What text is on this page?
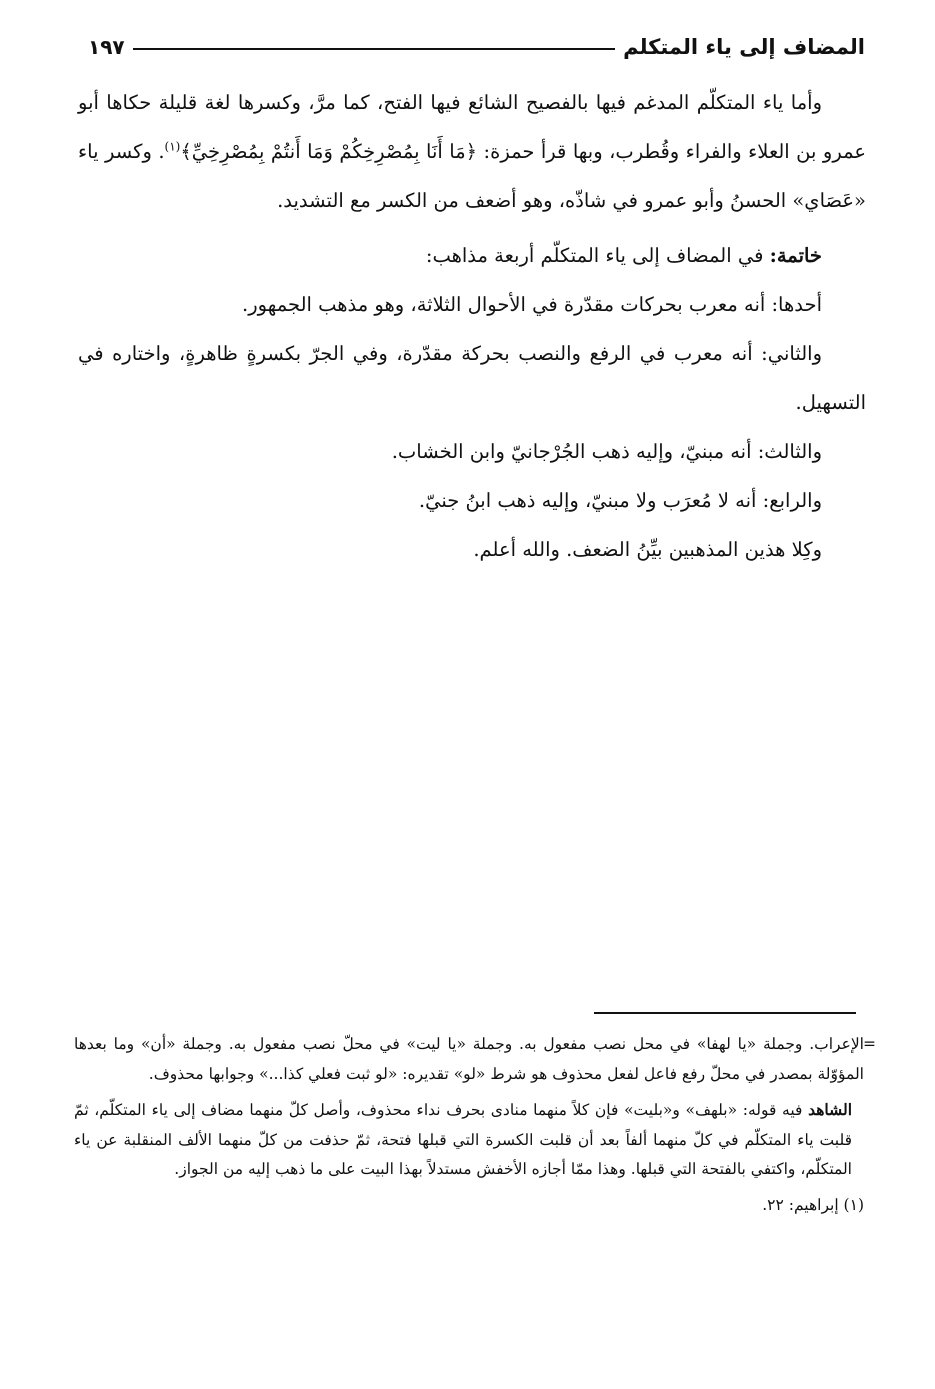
المضاف إلى ياء المتكلم
١٩٧

وأما ياء المتكلّم المدغم فيها بالفصيح الشائع فيها الفتح، كما مرَّ، وكسرها لغة قليلة حكاها أبو عمرو بن العلاء والفراء وقُطرب، وبها قرأ حمزة: ﴿مَا أَنَا بِمُصْرِخِكُمْ وَمَا أَنتُمْ بِمُصْرِخِيِّ﴾$^{(١)}$. وكسر ياء «عَصَاي» الحسنُ وأبو عمرو في شاذّه، وهو أضعف من الكسر مع التشديد.

خاتمة: في المضاف إلى ياء المتكلّم أربعة مذاهب:

أحدها: أنه معرب بحركات مقدّرة في الأحوال الثلاثة، وهو مذهب الجمهور.

والثاني: أنه معرب في الرفع والنصب بحركة مقدّرة، وفي الجرّ بكسرةٍ ظاهرةٍ، واختاره في التسهيل.

والثالث: أنه مبنيّ، وإليه ذهب الجُرْجانيّ وابن الخشاب.

والرابع: أنه لا مُعرَب ولا مبنيّ، وإليه ذهب ابنُ جنيّ.

وكِلا هذين المذهبين بيِّنُ الضعف. والله أعلم.

=
الإعراب. وجملة «يا لهفا» في محل نصب مفعول به. وجملة «يا ليت» في محلّ نصب مفعول به. وجملة «أن» وما بعدها المؤوّلة بمصدر في محلّ رفع فاعل لفعل محذوف هو شرط «لو» تقديره: «لو ثبت فعلي كذا...» وجوابها محذوف.
الشاهد فيه قوله: «بلهف» و«بليت» فإن كلاً منهما منادى بحرف نداء محذوف، وأصل كلّ منهما مضاف إلى ياء المتكلّم، ثمّ قلبت ياء المتكلّم في كلّ منهما ألفاً بعد أن قلبت الكسرة التي قبلها فتحة، ثمّ حذفت من كلّ منهما الألف المنقلبة عن ياء المتكلّم، واكتفي بالفتحة التي قبلها. وهذا ممّا أجازه الأخفش مستدلاً بهذا البيت على ما ذهب إليه من الجواز.
(١) إبراهيم: ٢٢.
